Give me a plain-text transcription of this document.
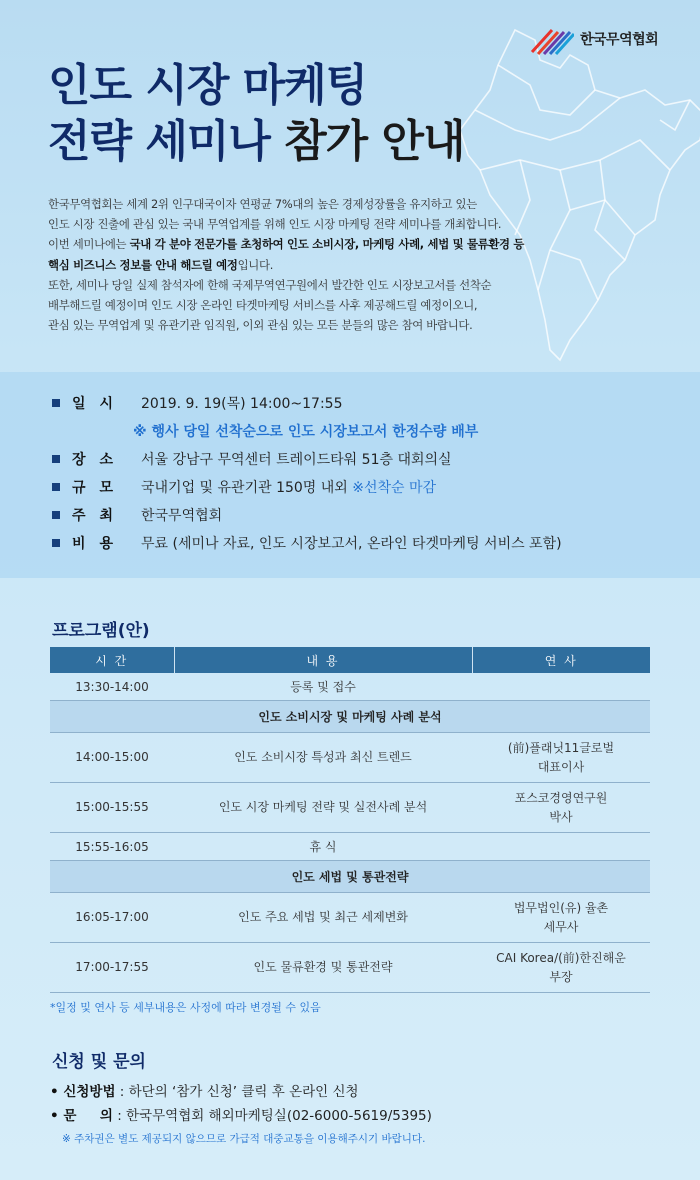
한국무역협회
인도 시장 마케팅
전략 세미나 참가 안내

한국무역협회는 세계 2위 인구대국이자 연평균 7%대의 높은 경제성장률을 유지하고 있는

인도 시장 진출에 관심 있는 국내 무역업계를 위해 인도 시장 마케팅 전략 세미나를 개최합니다.

이번 세미나에는 국내 각 분야 전문가를 초청하여 인도 소비시장, 마케팅 사례, 세법 및 물류환경 등

핵심 비즈니스 정보를 안내 해드릴 예정입니다.

또한, 세미나 당일 실제 참석자에 한해 국제무역연구원에서 발간한 인도 시장보고서를 선착순

배부해드릴 예정이며 인도 시장 온라인 타겟마케팅 서비스를 사후 제공해드릴 예정이오니,

관심 있는 무역업계 및 유관기관 임직원, 이외 관심 있는 모든 분들의 많은 참여 바랍니다.

일시 2019. 9. 19(목) 14:00~17:55
※ 행사 당일 선착순으로 인도 시장보고서 한정수량 배부
장소 서울 강남구 무역센터 트레이드타워 51층 대회의실
규모 국내기업 및 유관기관 150명 내외 ※선착순 마감
주최 한국무역협회
비용 무료 (세미나 자료, 인도 시장보고서, 온라인 타겟마케팅 서비스 포함)
프로그램(안)
시 간	내 용	연 사
13:30-14:00	등록 및 접수	
인도 소비시장 및 마케팅 사례 분석		
14:00-15:00	인도 소비시장 특성과 최신 트렌드	(前)플래닛11글로벌
대표이사
15:00-15:55	인도 시장 마케팅 전략 및 실전사례 분석	포스코경영연구원
박사
15:55-16:05	휴 식	
인도 세법 및 통관전략		
16:05-17:00	인도 주요 세법 및 최근 세제변화	법무법인(유) 율촌
세무사
17:00-17:55	인도 물류환경 및 통관전략	CAI Korea/(前)한진해운
부장
*일정 및 연사 등 세부내용은 사정에 따라 변경될 수 있음
신청 및 문의
• 신청방법 : 하단의 ‘참가 신청’ 클릭 후 온라인 신청
• 문     의 : 한국무역협회 해외마케팅실(02-6000-5619/5395)
※ 주차권은 별도 제공되지 않으므로 가급적 대중교통을 이용해주시기 바랍니다.
